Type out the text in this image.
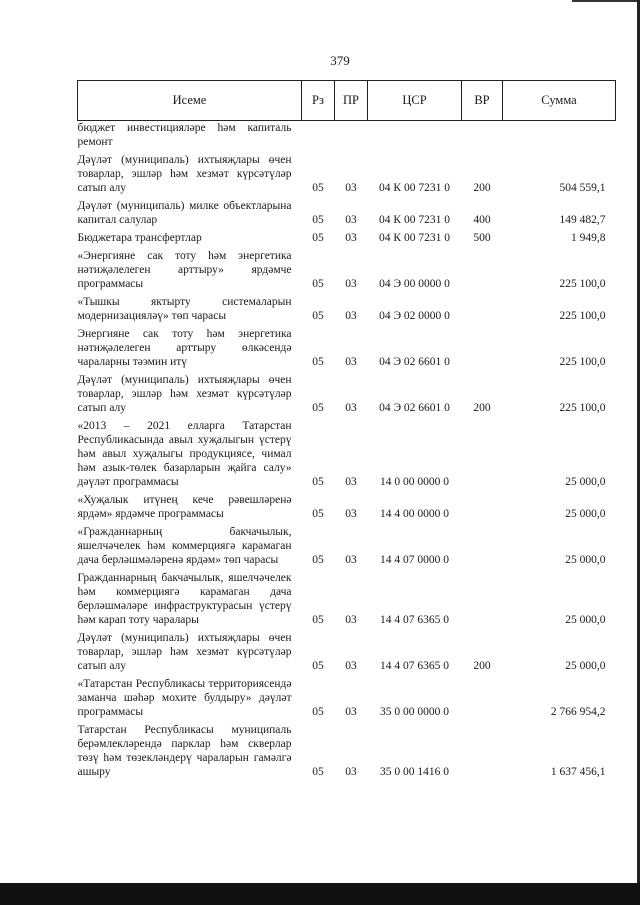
379
Исеме	Рз	ПР	ЦСР	ВР	Сумма
бюджет инвестицияләре һәм капиталь ремонт					
Дәүләт (муниципаль) ихтыяҗлары өчен товарлар, эшләр һәм хезмәт күрсәтүләр сатып алу	05	03	04 К 00 7231 0	200	504 559,1
Дәүләт (муниципаль) милке объектларына капитал салулар	05	03	04 К 00 7231 0	400	149 482,7
Бюджетара трансфертлар	05	03	04 К 00 7231 0	500	1 949,8
«Энергияне сак тоту һәм энергетика нәтиҗәлелеген арттыру» ярдәмче программасы	05	03	04 Э 00 0000 0		225 100,0
«Тышкы яктырту системаларын модернизацияләү» төп чарасы	05	03	04 Э 02 0000 0		225 100,0
Энергияне сак тоту һәм энергетика нәтиҗәлелеген арттыру өлкәсендә чараларны тәэмин итү	05	03	04 Э 02 6601 0		225 100,0
Дәүләт (муниципаль) ихтыяҗлары өчен товарлар, эшләр һәм хезмәт күрсәтүләр сатып алу	05	03	04 Э 02 6601 0	200	225 100,0
«2013 – 2021 елларга Татарстан Республикасында авыл хуҗалыгын үстерү һәм авыл хуҗалыгы продукциясе, чимал һәм азык-төлек базарларын җайга салу» дәүләт программасы	05	03	14 0 00 0000 0		25 000,0
«Хуҗалык итүнең кече рәвешләренә ярдәм» ярдәмче программасы	05	03	14 4 00 0000 0		25 000,0
«Гражданнарның бакчачылык, яшелчәчелек һәм коммерциягә карамаган дача берләшмәләренә ярдәм» төп чарасы	05	03	14 4 07 0000 0		25 000,0
Гражданнарның бакчачылык, яшелчәчелек һәм коммерциягә карамаган дача берләшмәләре инфраструктурасын үстерү һәм карап тоту чаралары	05	03	14 4 07 6365 0		25 000,0
Дәүләт (муниципаль) ихтыяҗлары өчен товарлар, эшләр һәм хезмәт күрсәтүләр сатып алу	05	03	14 4 07 6365 0	200	25 000,0
«Татарстан Республикасы территориясендә заманча шәһәр мохите булдыру» дәүләт программасы	05	03	35 0 00 0000 0		2 766 954,2
Татарстан Республикасы муниципаль берәмлекләрендә парклар һәм скверлар төзү һәм төзекләндерү чараларын гамәлгә ашыру	05	03	35 0 00 1416 0		1 637 456,1
